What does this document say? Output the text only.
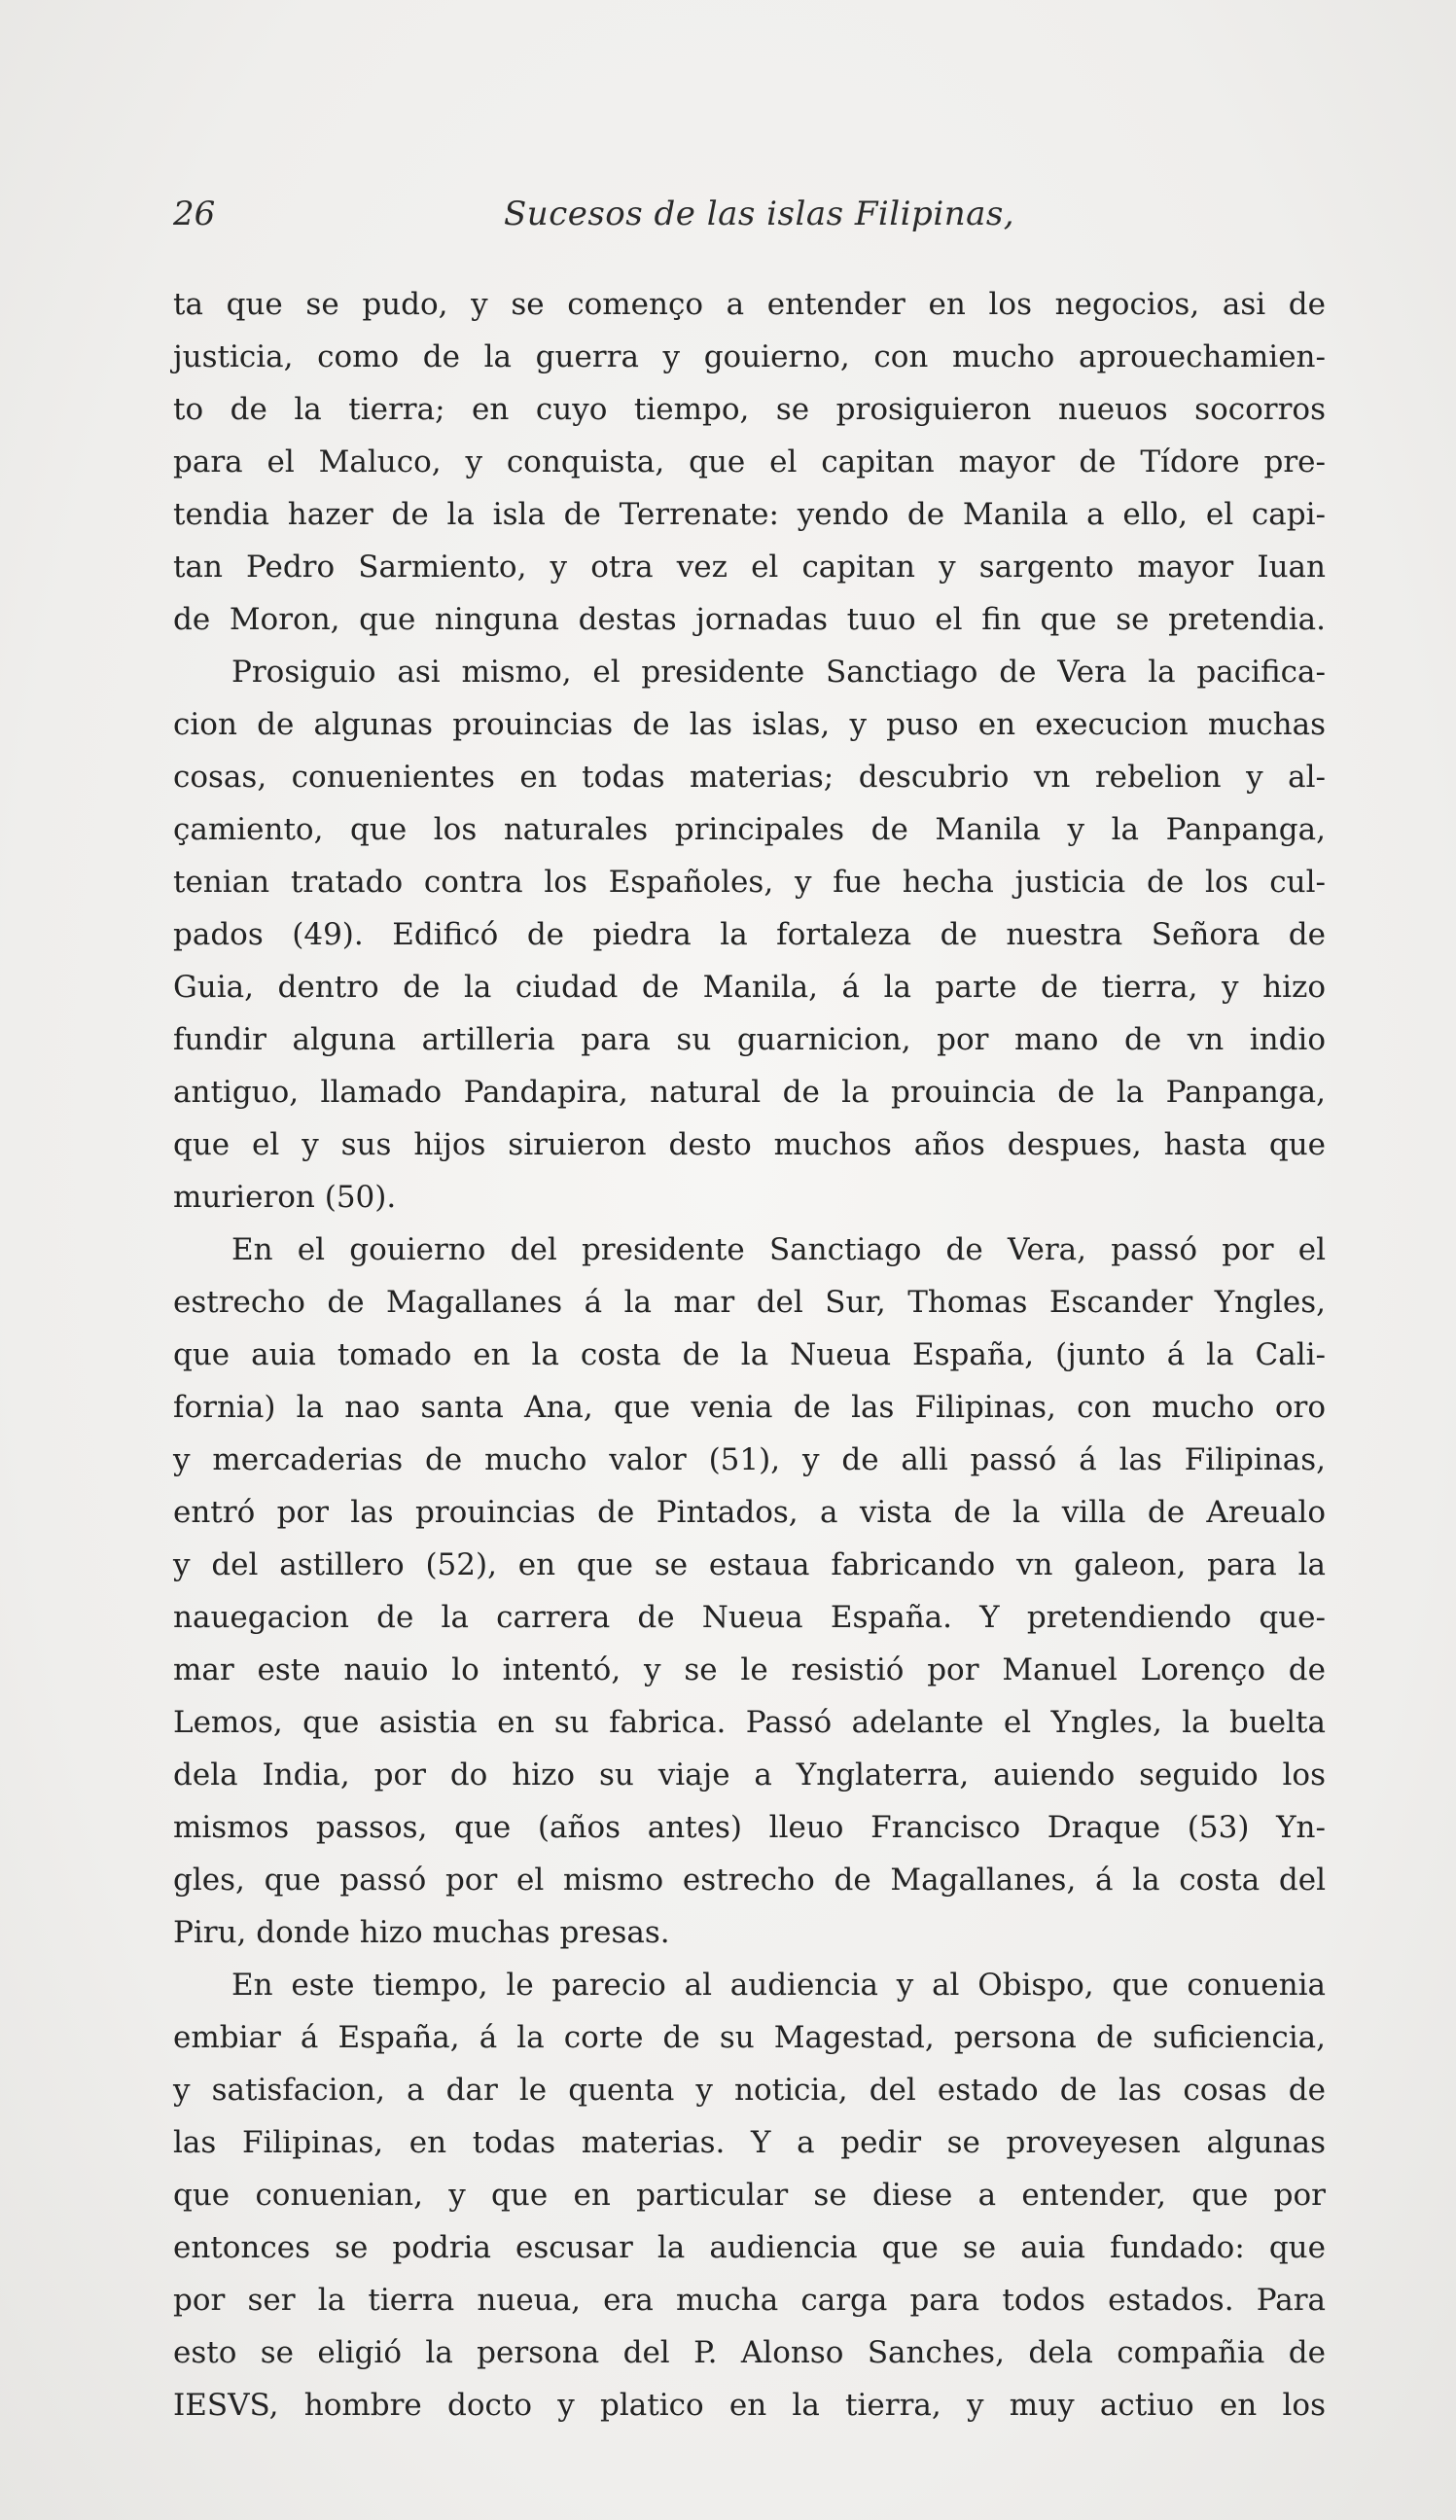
26	Sucesos de las islas Filipinas,
ta que se pudo, y se començo a entender en los negocios, asi de
justicia, como de la guerra y gouierno, con mucho aprouechamien-
to de la tierra; en cuyo tiempo, se prosiguieron nueuos socorros
para el Maluco, y conquista, que el capitan mayor de Tídore pre-
tendia hazer de la isla de Terrenate: yendo de Manila a ello, el capi-
tan Pedro Sarmiento, y otra vez el capitan y sargento mayor Iuan
de Moron, que ninguna destas jornadas tuuo el fin que se pretendia.
Prosiguio asi mismo, el presidente Sanctiago de Vera la pacifica-
cion de algunas prouincias de las islas, y puso en execucion muchas
cosas, conuenientes en todas materias; descubrio vn rebelion y al-
çamiento, que los naturales principales de Manila y la Panpanga,
tenian tratado contra los Españoles, y fue hecha justicia de los cul-
pados (49). Edificó de piedra la fortaleza de nuestra Señora de
Guia, dentro de la ciudad de Manila, á la parte de tierra, y hizo
fundir alguna artilleria para su guarnicion, por mano de vn indio
antiguo, llamado Pandapira, natural de la prouincia de la Panpanga,
que el y sus hijos siruieron desto muchos años despues, hasta que
murieron (50).
En el gouierno del presidente Sanctiago de Vera, passó por el
estrecho de Magallanes á la mar del Sur, Thomas Escander Yngles,
que auia tomado en la costa de la Nueua España, (junto á la Cali-
fornia) la nao santa Ana, que venia de las Filipinas, con mucho oro
y mercaderias de mucho valor (51), y de alli passó á las Filipinas,
entró por las prouincias de Pintados, a vista de la villa de Areualo
y del astillero (52), en que se estaua fabricando vn galeon, para la
nauegacion de la carrera de Nueua España. Y pretendiendo que-
mar este nauio lo intentó, y se le resistió por Manuel Lorenço de
Lemos, que asistia en su fabrica. Passó adelante el Yngles, la buelta
dela India, por do hizo su viaje a Ynglaterra, auiendo seguido los
mismos passos, que (años antes) lleuo Francisco Draque (53) Yn-
gles, que passó por el mismo estrecho de Magallanes, á la costa del
Piru, donde hizo muchas presas.
En este tiempo, le parecio al audiencia y al Obispo, que conuenia
embiar á España, á la corte de su Magestad, persona de suficiencia,
y satisfacion, a dar le quenta y noticia, del estado de las cosas de
las Filipinas, en todas materias. Y a pedir se proveyesen algunas
que conuenian, y que en particular se diese a entender, que por
entonces se podria escusar la audiencia que se auia fundado: que
por ser la tierra nueua, era mucha carga para todos estados. Para
esto se eligió la persona del P. Alonso Sanches, dela compañia de
IESVS, hombre docto y platico en la tierra, y muy actiuo en los
